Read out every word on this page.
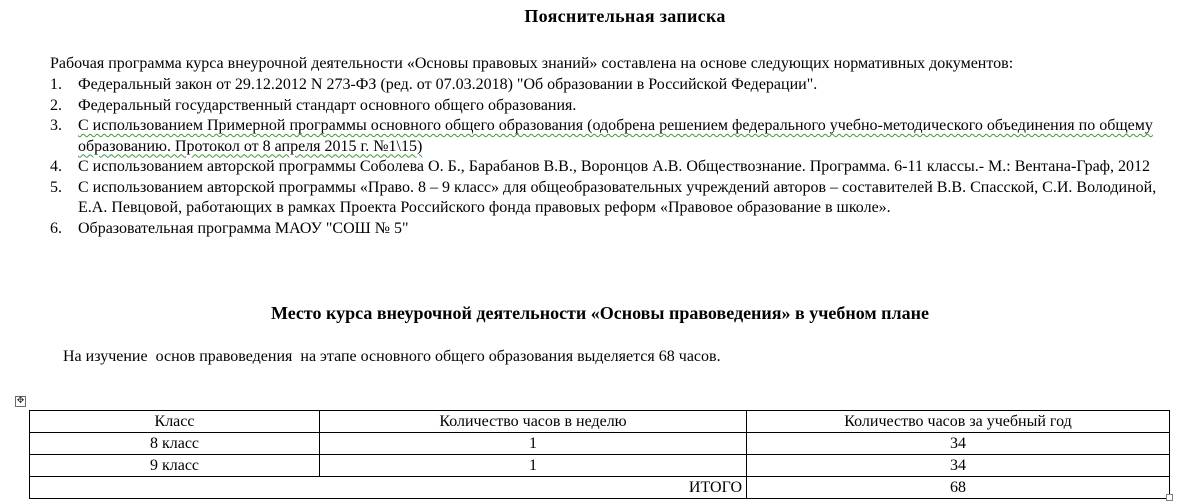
Пояснительная записка
Рабочая программа курса внеурочной деятельности «Основы правовых знаний» составлена на основе следующих нормативных документов:
1. Федеральный закон от 29.12.2012 N 273-ФЗ (ред. от 07.03.2018) "Об образовании в Российской Федерации".
2. Федеральный государственный стандарт основного общего образования.
3. С использованием Примерной программы основного общего образования (одобрена решением федерального учебно-методического объединения по общему образованию. Протокол от 8 апреля 2015 г. №1\15)
4. С использованием авторской программы Соболева О. Б., Барабанов В.В., Воронцов А.В. Обществознание. Программа. 6-11 классы.- М.: Вентана-Граф, 2012
5. С использованием авторской программы «Право. 8 – 9 класс» для общеобразовательных учреждений авторов – составителей В.В. Спасской, С.И. Володиной, Е.А. Певцовой, работающих в рамках Проекта Российского фонда правовых реформ «Правовое образование в школе».
6. Образовательная программа МАОУ "СОШ № 5"
Место курса внеурочной деятельности «Основы правоведения» в учебном плане
На изучение  основ правоведения  на этапе основного общего образования выделяется 68 часов.
✥
Класс	Количество часов в неделю	Количество часов за учебный год
8 класс	1	34
9 класс	1	34
ИТОГО		68
